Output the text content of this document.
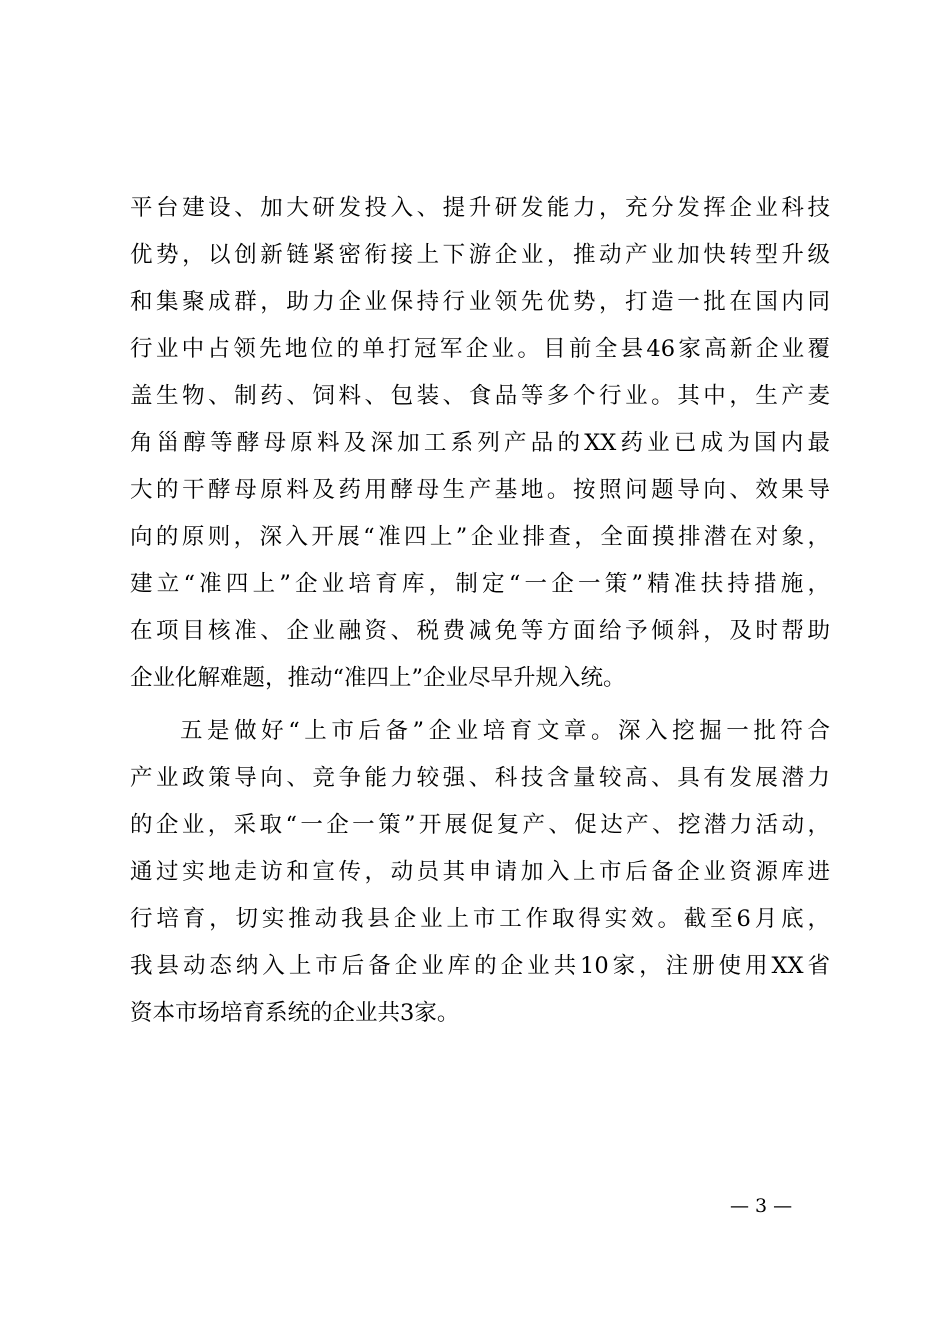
平台建设、加大研发投入、提升研发能力，充分发挥企业科技
优势，以创新链紧密衔接上下游企业，推动产业加快转型升级
和集聚成群，助力企业保持行业领先优势，打造一批在国内同
行业中占领先地位的单打冠军企业。目前全县46家高新企业覆
盖生物、制药、饲料、包装、食品等多个行业。其中，生产麦
角甾醇等酵母原料及深加工系列产品的XX药业已成为国内最
大的干酵母原料及药用酵母生产基地。按照问题导向、效果导
向的原则，深入开展“准四上”企业排查，全面摸排潜在对象，
建立“准四上”企业培育库，制定“一企一策”精准扶持措施，
在项目核准、企业融资、税费减免等方面给予倾斜，及时帮助
企业化解难题，推动“准四上”企业尽早升规入统。
五是做好“上市后备”企业培育文章。深入挖掘一批符合
产业政策导向、竞争能力较强、科技含量较高、具有发展潜力
的企业，采取“一企一策”开展促复产、促达产、挖潜力活动，
通过实地走访和宣传，动员其申请加入上市后备企业资源库进
行培育，切实推动我县企业上市工作取得实效。截至6月底，
我县动态纳入上市后备企业库的企业共10家，注册使用XX省
资本市场培育系统的企业共3家。
— 3 —
